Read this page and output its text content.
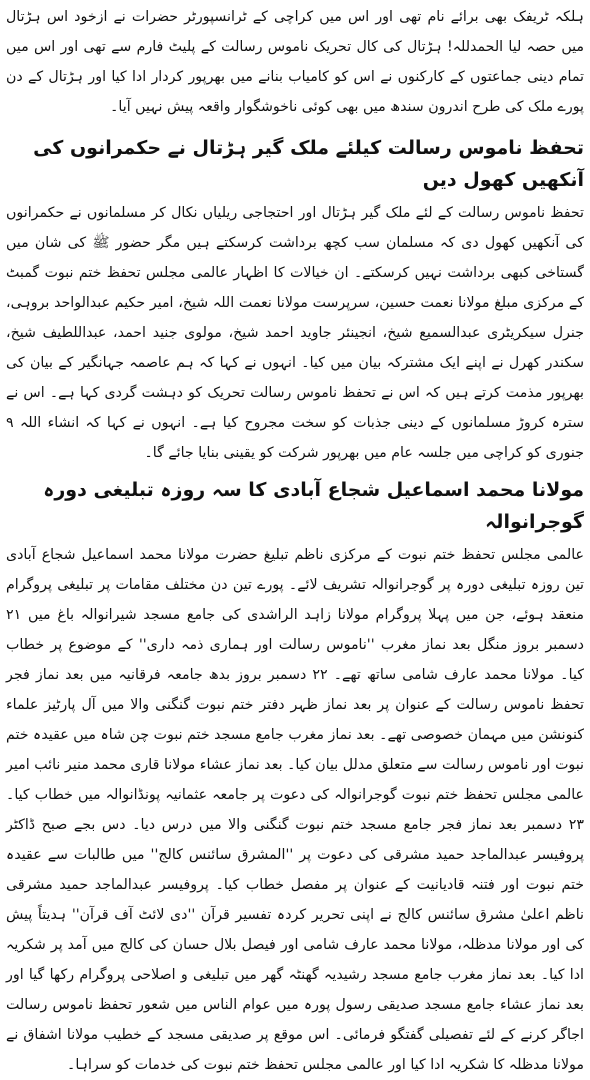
ہلکہ ٹریفک بھی برائے نام تھی اور اس میں کراچی کے ٹرانسپورٹر حضرات نے ازخود اس ہڑتال میں حصہ لیا الحمدللہ! ہڑتال کی کال تحریک ناموس رسالت کے پلیٹ فارم سے تھی اور اس میں تمام دینی جماعتوں کے کارکنوں نے اس کو کامیاب بنانے میں بھرپور کردار ادا کیا اور ہڑتال کے دن پورے ملک کی طرح اندرون سندھ میں بھی کوئی ناخوشگوار واقعہ پیش نہیں آیا۔

تحفظ ناموس رسالت کیلئے ملک گیر ہڑتال نے حکمرانوں کی آنکھیں کھول دیں

تحفظ ناموس رسالت کے لئے ملک گیر ہڑتال اور احتجاجی ریلیاں نکال کر مسلمانوں نے حکمرانوں کی آنکھیں کھول دی کہ مسلمان سب کچھ برداشت کرسکتے ہیں مگر حضور ﷺ کی شان میں گستاخی کبھی برداشت نہیں کرسکتے۔ ان خیالات کا اظہار عالمی مجلس تحفظ ختم نبوت گمبٹ کے مرکزی مبلغ مولانا نعمت حسین، سرپرست مولانا نعمت اللہ شیخ، امیر حکیم عبدالواحد بروہی، جنرل سیکریٹری عبدالسمیع شیخ، انجینئر جاوید احمد شیخ، مولوی جنید احمد، عبداللطیف شیخ، سکندر کھرل نے اپنے ایک مشترکہ بیان میں کیا۔ انہوں نے کہا کہ ہم عاصمہ جہانگیر کے بیان کی بھرپور مذمت کرتے ہیں کہ اس نے تحفظ ناموس رسالت تحریک کو دہشت گردی کہا ہے۔ اس نے سترہ کروڑ مسلمانوں کے دینی جذبات کو سخت مجروح کیا ہے۔ انہوں نے کہا کہ انشاء اللہ ۹ جنوری کو کراچی میں جلسہ عام میں بھرپور شرکت کو یقینی بنایا جائے گا۔

مولانا محمد اسماعیل شجاع آبادی کا سہ روزہ تبلیغی دورہ گوجرانوالہ

عالمی مجلس تحفظ ختم نبوت کے مرکزی ناظم تبلیغ حضرت مولانا محمد اسماعیل شجاع آبادی تین روزہ تبلیغی دورہ پر گوجرانوالہ تشریف لائے۔ پورے تین دن مختلف مقامات پر تبلیغی پروگرام منعقد ہوئے، جن میں پہلا پروگرام مولانا زاہد الراشدی کی جامع مسجد شیرانوالہ باغ میں ۲۱ دسمبر بروز منگل بعد نماز مغرب ''ناموس رسالت اور ہماری ذمہ داری'' کے موضوع پر خطاب کیا۔ مولانا محمد عارف شامی ساتھ تھے۔ ۲۲ دسمبر بروز بدھ جامعہ فرقانیہ میں بعد نماز فجر تحفظ ناموس رسالت کے عنوان پر بعد نماز ظہر دفتر ختم نبوت گنگنی والا میں آل پارٹیز علماء کنونشن میں مہمان خصوصی تھے۔ بعد نماز مغرب جامع مسجد ختم نبوت چن شاہ میں عقیدہ ختم نبوت اور ناموس رسالت سے متعلق مدلل بیان کیا۔ بعد نماز عشاء مولانا قاری محمد منیر نائب امیر عالمی مجلس تحفظ ختم نبوت گوجرانوالہ کی دعوت پر جامعہ عثمانیہ پونڈانوالہ میں خطاب کیا۔ ۲۳ دسمبر بعد نماز فجر جامع مسجد ختم نبوت گنگنی والا میں درس دیا۔ دس بجے صبح ڈاکٹر پروفیسر عبدالماجد حمید مشرقی کی دعوت پر ''المشرق سائنس کالج'' میں طالبات سے عقیدہ ختم نبوت اور فتنہ قادیانیت کے عنوان پر مفصل خطاب کیا۔ پروفیسر عبدالماجد حمید مشرقی ناظم اعلیٰ مشرق سائنس کالج نے اپنی تحریر کردہ تفسیر قرآن ''دی لائٹ آف قرآن'' ہدیتاً پیش کی اور مولانا مدظلہ، مولانا محمد عارف شامی اور فیصل بلال حسان کی کالج میں آمد پر شکریہ ادا کیا۔ بعد نماز مغرب جامع مسجد رشیدیہ گھنٹہ گھر میں تبلیغی و اصلاحی پروگرام رکھا گیا اور بعد نماز عشاء جامع مسجد صدیقی رسول پورہ میں عوام الناس میں شعور تحفظ ناموس رسالت اجاگر کرنے کے لئے تفصیلی گفتگو فرمائی۔ اس موقع پر صدیقی مسجد کے خطیب مولانا اشفاق نے مولانا مدظلہ کا شکریہ ادا کیا اور عالمی مجلس تحفظ ختم نبوت کی خدمات کو سراہا۔
